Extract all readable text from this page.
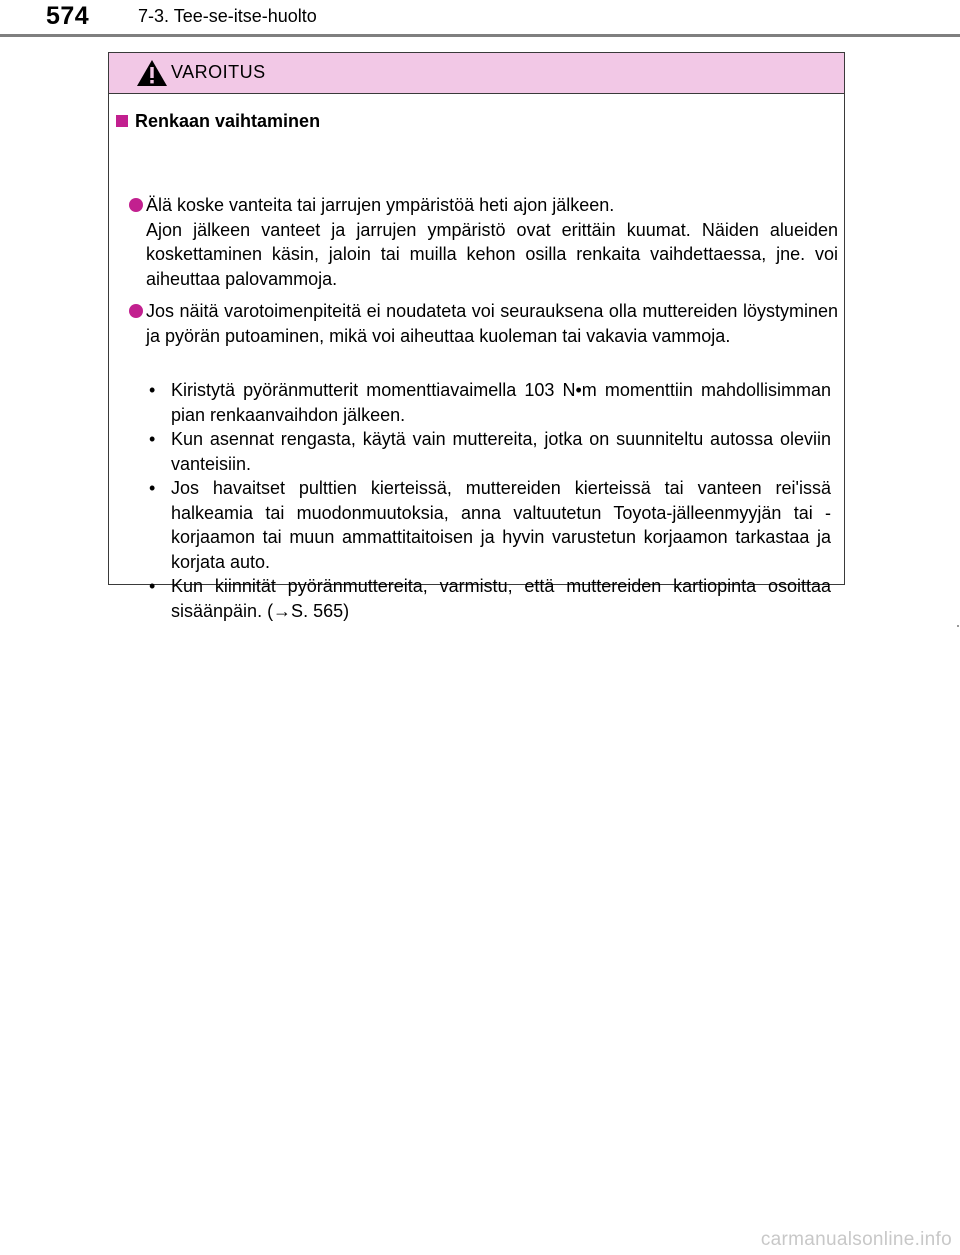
574	7-3. Tee-se-itse-huolto
VAROITUS
Renkaan vaihtaminen
Älä koske vanteita tai jarrujen ympäristöä heti ajon jälkeen.
Ajon jälkeen vanteet ja jarrujen ympäristö ovat erittäin kuumat. Näiden alueiden koskettaminen käsin, jaloin tai muilla kehon osilla renkaita vaihdettaessa, jne. voi aiheuttaa palovammoja.
Jos näitä varotoimenpiteitä ei noudateta voi seurauksena olla muttereiden löystyminen ja pyörän putoaminen, mikä voi aiheuttaa kuoleman tai vakavia vammoja.
• Kiristytä pyöränmutterit momenttiavaimella 103 N•m momenttiin mahdollisimman pian renkaanvaihdon jälkeen.
• Kun asennat rengasta, käytä vain muttereita, jotka on suunniteltu autossa oleviin vanteisiin.
• Jos havaitset pulttien kierteissä, muttereiden kierteissä tai vanteen rei'issä halkeamia tai muodonmuutoksia, anna valtuutetun Toyota-jälleenmyyjän tai -korjaamon tai muun ammattitaitoisen ja hyvin varustetun korjaamon tarkastaa ja korjata auto.
• Kun kiinnität pyöränmuttereita, varmistu, että muttereiden kartiopinta osoittaa sisäänpäin. (→S. 565)
carmanualsonline.info
